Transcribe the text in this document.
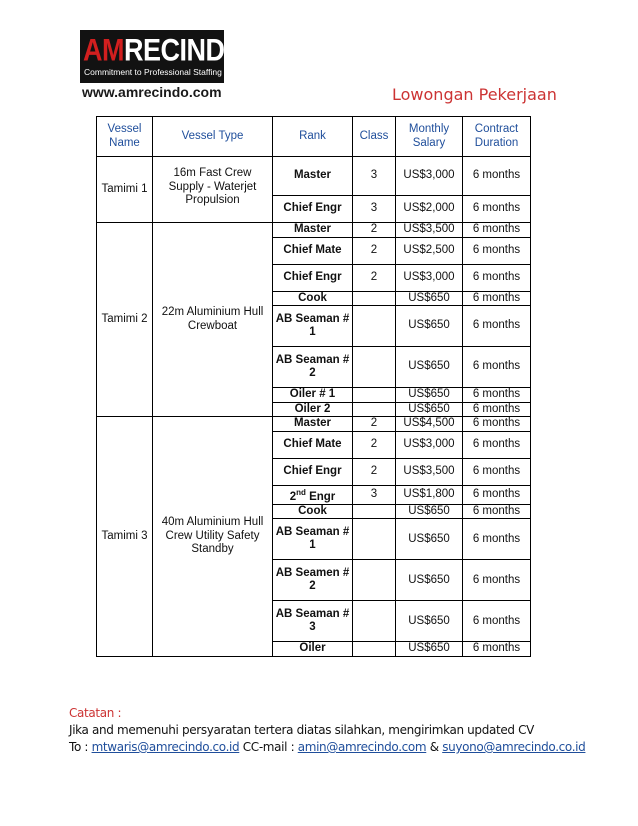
AMRECINDO
Commitment to Professional Staffing
www.amrecindo.com	Lowongan Pekerjaan
Vessel Name	Vessel Type	Rank	Class	Monthly Salary	Contract Duration
Tamimi 1	16m Fast Crew Supply - Waterjet Propulsion	Master	3	US$3,000	6 months
		Chief Engr	3	US$2,000	6 months
Tamimi 2	22m Aluminium Hull Crewboat	Master	2	US$3,500	6 months
		Chief Mate	2	US$2,500	6 months
		Chief Engr	2	US$3,000	6 months
		Cook		US$650	6 months
		AB Seaman # 1		US$650	6 months
		AB Seaman # 2		US$650	6 months
		Oiler # 1		US$650	6 months
		Oiler 2		US$650	6 months
Tamimi 3	40m Aluminium Hull Crew Utility Safety Standby	Master	2	US$4,500	6 months
		Chief Mate	2	US$3,000	6 months
		Chief Engr	2	US$3,500	6 months
		2nd Engr	3	US$1,800	6 months
		Cook		US$650	6 months
		AB Seaman # 1		US$650	6 months
		AB Seamen # 2		US$650	6 months
		AB Seaman # 3		US$650	6 months
		Oiler		US$650	6 months
Catatan :
Jika and memenuhi persyaratan tertera diatas silahkan, mengirimkan updated CV
To : mtwaris@amrecindo.co.id CC-mail : amin@amrecindo.com & suyono@amrecindo.co.id
